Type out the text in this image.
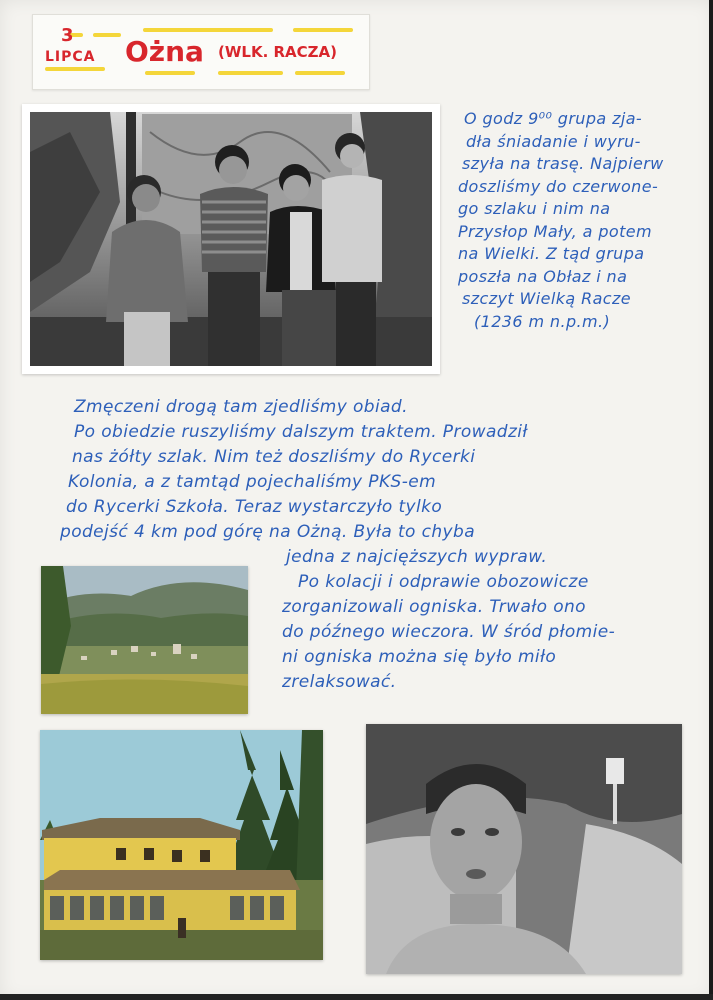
3
LIPCA Ożna (WLK. RACZA)
O godz 9⁰⁰ grupa zja-
dła śniadanie i wyru-
szyła na trasę. Najpierw
doszliśmy do czerwone-
go szlaku i nim na
Przysłop Mały, a potem
na Wielki. Z tąd grupa
poszła na Obłaz i na
szczyt Wielką Racze
(1236 m n.p.m.)
Zmęczeni drogą tam zjedliśmy obiad.
Po obiedzie ruszyliśmy dalszym traktem. Prowadził
nas żółty szlak. Nim też doszliśmy do Rycerki
Kolonia, a z tamtąd pojechaliśmy PKS-em
do Rycerki Szkoła. Teraz wystarczyło tylko
podejść 4 km pod górę na Ożną. Była to chyba
jedna z najcięższych wypraw.
Po kolacji i odprawie obozowicze
zorganizowali ogniska. Trwało ono
do późnego wieczora. W śród płomie-
ni ogniska można się było miło
zrelaksować.
